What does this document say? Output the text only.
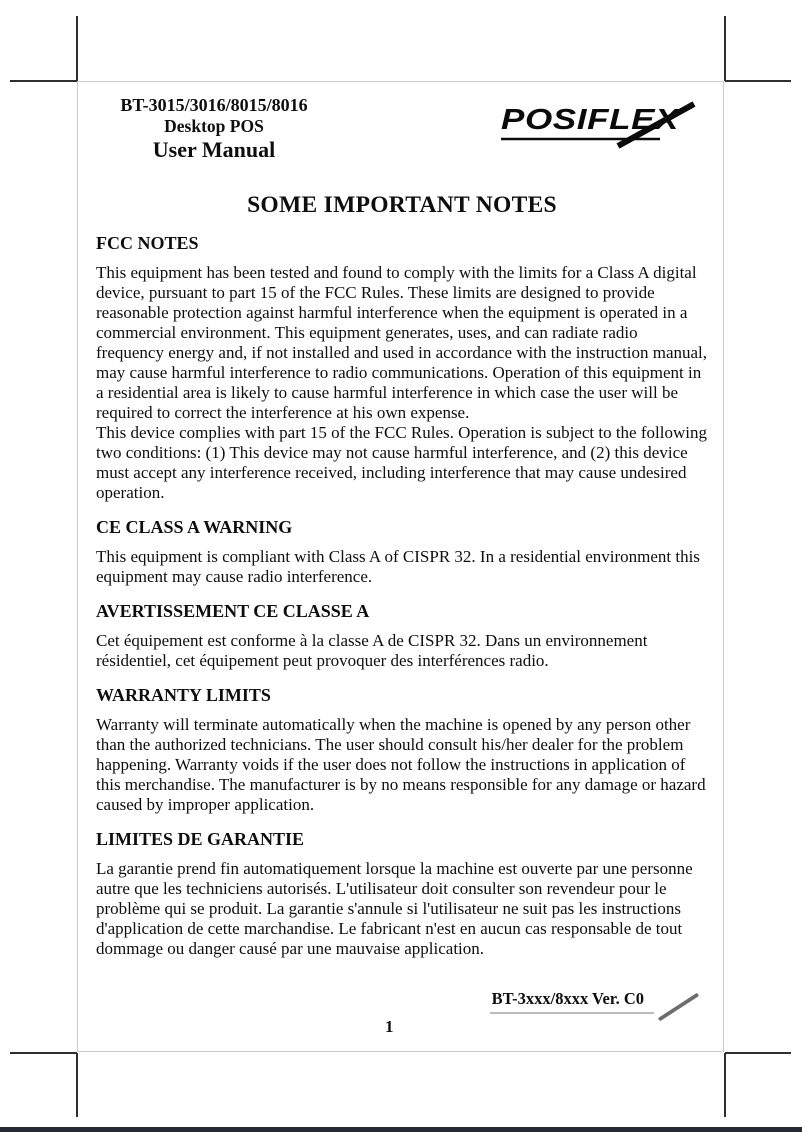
BT-3015/3016/8015/8016
Desktop POS
User Manual
POSIFLEX
SOME IMPORTANT NOTES
FCC NOTES

This equipment has been tested and found to comply with the limits for a Class A digital device, pursuant to part 15 of the FCC Rules. These limits are designed to provide reasonable protection against harmful interference when the equipment is operated in a commercial environment. This equipment generates, uses, and can radiate radio frequency energy and, if not installed and used in accordance with the instruction manual, may cause harmful interference to radio communications. Operation of this equipment in a residential area is likely to cause harmful interference in which case the user will be required to correct the interference at his own expense.

This device complies with part 15 of the FCC Rules. Operation is subject to the following two conditions: (1) This device may not cause harmful interference, and (2) this device must accept any interference received, including interference that may cause undesired operation.

CE CLASS A WARNING

This equipment is compliant with Class A of CISPR 32. In a residential environment this equipment may cause radio interference.

AVERTISSEMENT CE CLASSE A

Cet équipement est conforme à la classe A de CISPR 32. Dans un environnement résidentiel, cet équipement peut provoquer des interférences radio.

WARRANTY LIMITS

Warranty will terminate automatically when the machine is opened by any person other than the authorized technicians. The user should consult his/her dealer for the problem happening. Warranty voids if the user does not follow the instructions in application of this merchandise. The manufacturer is by no means responsible for any damage or hazard caused by improper application.

LIMITES DE GARANTIE

La garantie prend fin automatiquement lorsque la machine est ouverte par une personne autre que les techniciens autorisés. L'utilisateur doit consulter son revendeur pour le problème qui se produit. La garantie s'annule si l'utilisateur ne suit pas les instructions d'application de cette marchandise. Le fabricant n'est en aucun cas responsable de tout dommage ou danger causé par une mauvaise application.

BT-3xxx/8xxx Ver. C0
1
